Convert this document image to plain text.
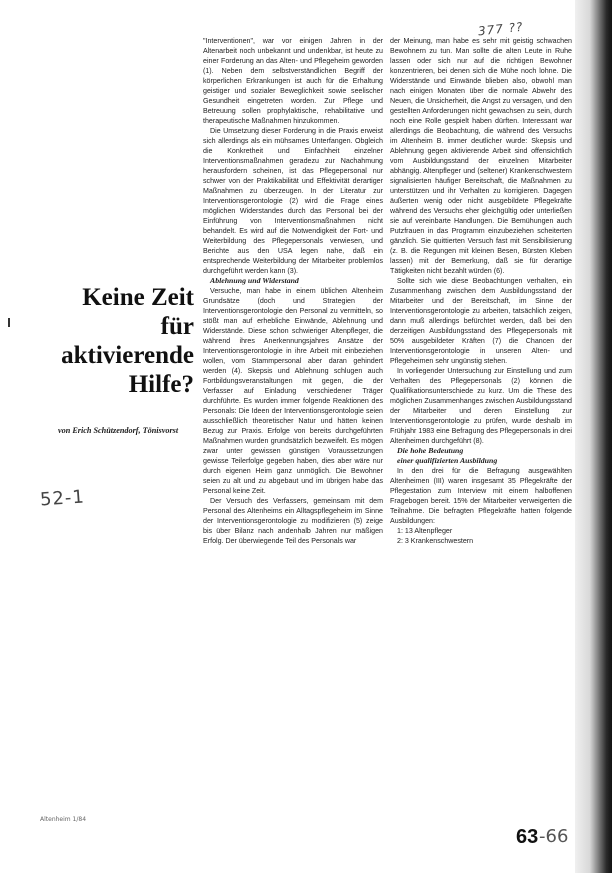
377 ??
Keine Zeit
für
aktivierende
Hilfe?
von Erich Schützendorf, Tönisvorst
52-1

"Interventionen", war vor einigen Jahren in der Altenarbeit noch unbekannt und undenkbar, ist heute zu einer Forderung an das Alten- und Pflegeheim geworden (1). Neben dem selbstverständlichen Begriff der körperlichen Erkrankungen ist auch für die Erhaltung geistiger und sozialer Beweglichkeit sowie seelischer Gesundheit eingetreten worden. Zur Pflege und Betreuung sollen prophylaktische, rehabilitative und therapeutische Maßnahmen hinzukommen.

Die Umsetzung dieser Forderung in die Praxis erweist sich allerdings als ein mühsames Unterfangen. Obgleich die Konkretheit und Einfachheit einzelner Interventionsmaßnahmen geradezu zur Nachahmung herausfordern scheinen, ist das Pflegepersonal nur schwer von der Praktikabilität und Effektivität derartiger Maßnahmen zu überzeugen. In der Literatur zur Interventionsgerontologie (2) wird die Frage eines möglichen Widerstandes durch das Personal bei der Einführung von Interventionsmaßnahmen nicht behandelt. Es wird auf die Notwendigkeit der Fort- und Weiterbildung des Pflegepersonals verwiesen, und Berichte aus den USA legen nahe, daß ein entsprechende Weiterbildung der Mitarbeiter problemlos durchgeführt werden kann (3).

Ablehnung und Widerstand

Versuche, man habe in einem üblichen Altenheim Grundsätze (doch und Strategien der Interventionsgerontologie den Personal zu vermitteln, so stößt man auf erhebliche Einwände, Ablehnung und Widerstände. Diese schon schwieriger Altenpfleger, die während ihres Anerkennungsjahres Ansätze der Interventionsgerontologie in ihre Arbeit mit einbeziehen wollen, vom Stammpersonal aber daran gehindert werden (4). Skepsis und Ablehnung schlugen auch Fortbildungsveranstaltungen mit gegen, die der Verfasser auf Einladung verschiedener Träger durchführte. Es wurden immer folgende Reaktionen des Personals: Die Ideen der Interventionsgerontologie seien ausschließlich theoretischer Natur und hätten keinen Bezug zur Praxis. Erfolge von bereits durchgeführten Maßnahmen wurden grundsätzlich bezweifelt. Es mögen zwar unter gewissen günstigen Voraussetzungen gewisse Teilerfolge gegeben haben, dies aber wäre nur durch eigenen Heim ganz unmöglich. Die Bewohner seien zu alt und zu abgebaut und im übrigen habe das Personal keine Zeit.

Der Versuch des Verfassers, gemeinsam mit dem Personal des Altenheims ein Alltagspflegeheim im Sinne der Interventionsgerontologie zu modifizieren (5) zeige bis über Bilanz nach andenhalb Jahren nur mäßigen Erfolg. Der überwiegende Teil des Personals war

der Meinung, man habe es sehr mit geistig schwachen Bewohnern zu tun. Man sollte die alten Leute in Ruhe lassen oder sich nur auf die richtigen Bewohner konzentrieren, bei denen sich die Mühe noch lohne. Die Widerstände und Einwände blieben also, obwohl man nach einigen Monaten über die normale Abwehr des Neuen, die Unsicherheit, die Angst zu versagen, und den gestellten Anforderungen nicht gewachsen zu sein, durch noch eine Rolle gespielt haben dürften. Interessant war allerdings die Beobachtung, die während des Versuchs im Altenheim B. immer deutlicher wurde: Skepsis und Ablehnung gegen aktivierende Arbeit sind offensichtlich vom Ausbildungsstand der einzelnen Mitarbeiter abhängig. Altenpfleger und (seltener) Krankenschwestern signalisierten häufiger Bereitschaft, die Maßnahmen zu unterstützen und ihr Verhalten zu korrigieren. Dagegen äußerten wenig oder nicht ausgebildete Pflegekräfte während des Versuchs eher gleichgültig oder unterließen sie auf vereinbarte Handlungen. Die Bemühungen auch Putzfrauen in das Programm einzubeziehen scheiterten gänzlich. Sie quittierten Versuch fast mit Sensibilisierung (z. B. die Regungen mit kleinen Besen, Bürsten Kleben lassen) mit der Bemerkung, daß sie für derartige Tätigkeiten nicht bezahlt würden (6).

Sollte sich wie diese Beobachtungen verhalten, ein Zusammenhang zwischen dem Ausbildungsstand der Mitarbeiter und der Bereitschaft, im Sinne der Interventionsgerontologie zu arbeiten, tatsächlich zeigen, dann muß allerdings befürchtet werden, daß bei den derzeitigen Ausbildungsstand des Pflegepersonals mit 50% ausgebildeter Kräften (7) die Chancen der Interventionsgerontologie in unseren Alten- und Pflegeheimen sehr ungünstig stehen.

In vorliegender Untersuchung zur Einstellung und zum Verhalten des Pflegepersonals (2) können die Qualifikationsunterschiede zu kurz. Um die These des möglichen Zusammenhanges zwischen Ausbildungsstand der Mitarbeiter und deren Einstellung zur Interventionsgerontologie zu prüfen, wurde deshalb im Frühjahr 1983 eine Befragung des Pflegepersonals in drei Altenheimen durchgeführt (8).

Die hohe Bedeutung

einer qualifizierten Ausbildung

In den drei für die Befragung ausgewählten Altenheimen (III) waren insgesamt 35 Pflegekräfte der Pflegestation zum Interview mit einem halboffenen Fragebogen bereit. 15% der Mitarbeiter verweigerten die Teilnahme. Die befragten Pflegekräfte hatten folgende Ausbildungen:

1: 13 Altenpfleger

2: 3 Krankenschwestern

Altenheim 1/84
63 -66
